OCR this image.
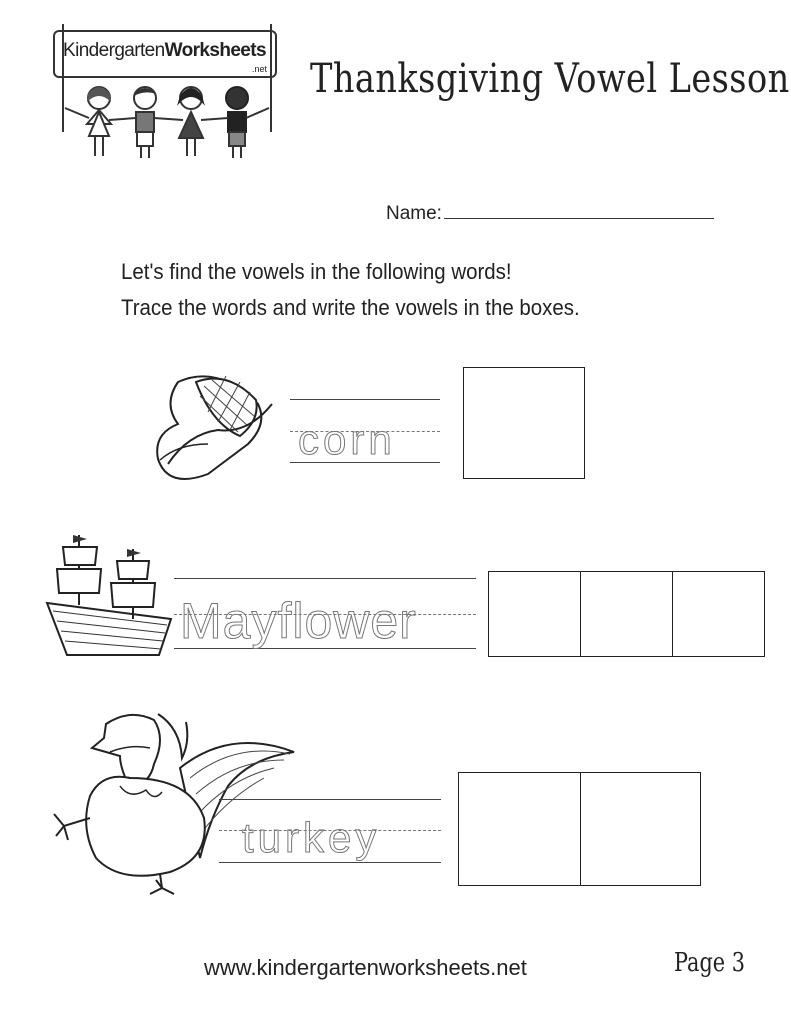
KindergartenWorksheets
.net Thanksgiving Vowel Lesson
Name:
Let's find the vowels in the following words!
Trace the words and write the vowels in the boxes.
corn
Mayflower
turkey
www.kindergartenworksheets.net	Page 3
